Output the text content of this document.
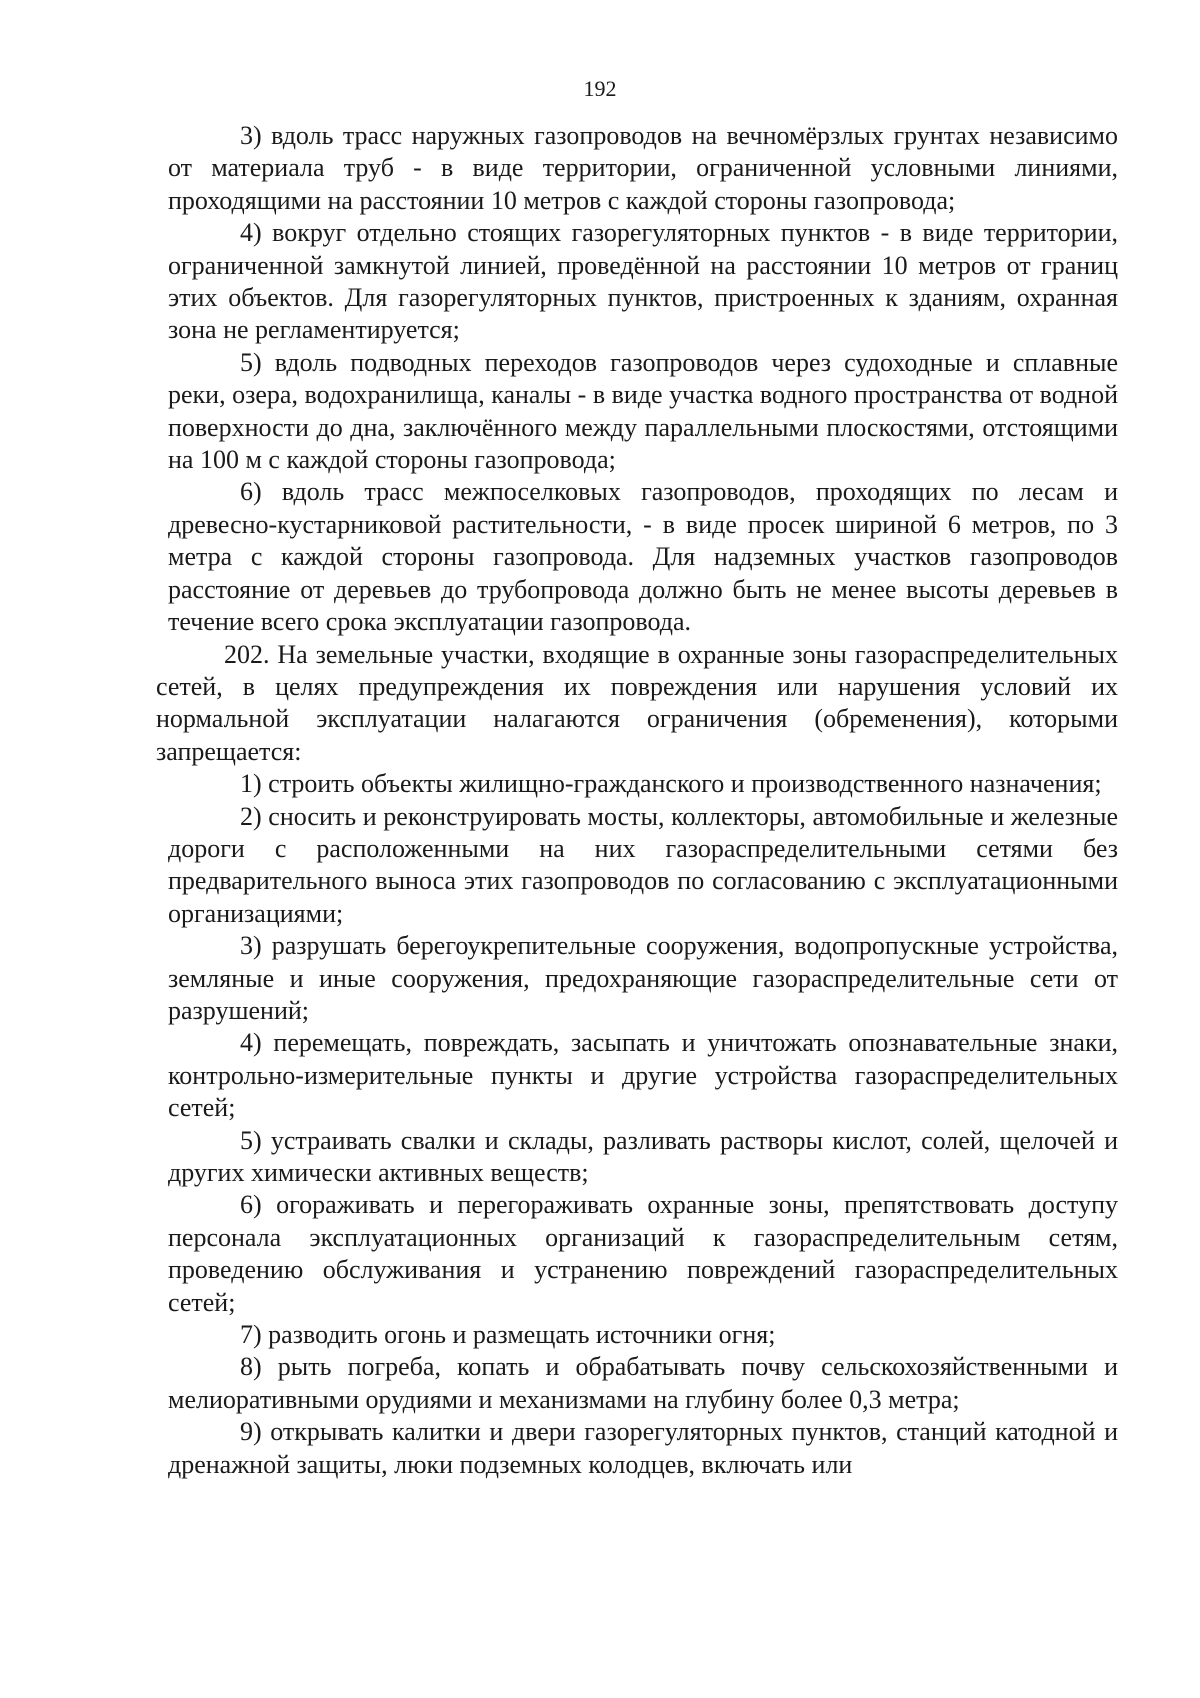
192

3) вдоль трасс наружных газопроводов на вечномёрзлых грунтах независимо от материала труб - в виде территории, ограниченной условными линиями, проходящими на расстоянии 10 метров с каждой стороны газопровода;

4) вокруг отдельно стоящих газорегуляторных пунктов - в виде территории, ограниченной замкнутой линией, проведённой на расстоянии 10 метров от границ этих объектов. Для газорегуляторных пунктов, пристроенных к зданиям, охранная зона не регламентируется;

5) вдоль подводных переходов газопроводов через судоходные и сплавные реки, озера, водохранилища, каналы - в виде участка водного пространства от водной поверхности до дна, заключённого между параллельными плоскостями, отстоящими на 100 м с каждой стороны газопровода;

6) вдоль трасс межпоселковых газопроводов, проходящих по лесам и древесно-кустарниковой растительности, - в виде просек шириной 6 метров, по 3 метра с каждой стороны газопровода. Для надземных участков газопроводов расстояние от деревьев до трубопровода должно быть не менее высоты деревьев в течение всего срока эксплуатации газопровода.

202. На земельные участки, входящие в охранные зоны газораспределительных сетей, в целях предупреждения их повреждения или нарушения условий их нормальной эксплуатации налагаются ограничения (обременения), которыми запрещается:

1) строить объекты жилищно-гражданского и производственного назначения;

2) сносить и реконструировать мосты, коллекторы, автомобильные и железные дороги с расположенными на них газораспределительными сетями без предварительного выноса этих газопроводов по согласованию с эксплуатационными организациями;

3) разрушать берегоукрепительные сооружения, водопропускные устройства, земляные и иные сооружения, предохраняющие газораспределительные сети от разрушений;

4) перемещать, повреждать, засыпать и уничтожать опознавательные знаки, контрольно-измерительные пункты и другие устройства газораспределительных сетей;

5) устраивать свалки и склады, разливать растворы кислот, солей, щелочей и других химически активных веществ;

6) огораживать и перегораживать охранные зоны, препятствовать доступу персонала эксплуатационных организаций к газораспределительным сетям, проведению обслуживания и устранению повреждений газораспределительных сетей;

7) разводить огонь и размещать источники огня;

8) рыть погреба, копать и обрабатывать почву сельскохозяйственными и мелиоративными орудиями и механизмами на глубину более 0,3 метра;

9) открывать калитки и двери газорегуляторных пунктов, станций катодной и дренажной защиты, люки подземных колодцев, включать или
